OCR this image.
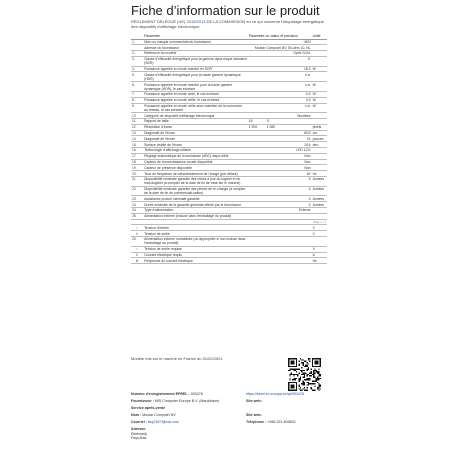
Fiche d’information sur le produit
RÈGLEMENT DÉLÉGUÉ (UE) 2019/2013 DE LA COMMISSION en ce qui concerne l’étiquetage énergétique des dispositifs d’affichage électronique
	Paramètre	Paramètre ou valeur et précision	Unité
1.	Nom ou marque commerciale du fournisseur	MSI	
	Adresse du fournisseur	Mostar Computer BV, Ek-kers 10, NL	
2.	Référence du modèle	Optix G241	
3.	Classe d’efficacité énergétique pour la gamme dyna-mique standard (SDR)	E	
4.	Puissance appelée en mode marche en SDR	18,3	W
5.	Classe d’efficacité énergétique pour la haute gamme dynamique (HDR)	n.a.	
6.	Puissance appelée en mode marche pour la haute gamme dynamique (HDR), le cas échéant	n.a.	W
7.	Puissance appelée en mode arrêt, le cas échéant	0,3	W
8.	Puissance appelée en mode veille, le cas échéant	0,3	W
9.	Puissance appelée en mode veille avec maintien de la connexion au réseau, le cas échéant	n.a.	W
10.	Catégorie de dispositif d’affichage électronique	Moniteur	
11.	Rapport de taille	16 9	
12.	Résolution d’écran	1 920 1 080	pixels
13.	Diagonale de l’écran	60,5	cm
14.	Diagonale de l’écran	24	pouces
15.	Surface visible de l’écran	15,6	dm²
16.	Technologie d’affichage utilisée	LED LCD	
17.	Réglage automatique de la luminance (ABC) dispo-nible	Non	
18.	Capteur de reconnaissance vocale disponible	Non	
19.	Capteur de présence disponible	Non	
20.	Taux de fréquence de rafraîchissement de l’image (par défaut)	60	Hz
21.	Disponibilité minimale garantie des mises à jour du logiciel et du micrologiciel (à compter de la date de fin de mise sur le marché)	6	Années
22.	Disponibilité minimale garantie des pièces de re-change (à compter de la date de fin de commerciali-sation)	6	Années
23.	Assistance produit minimale garantie	3	Années
24.	Durée minimale de la garantie générale offerte par le fournisseur	3	Années
24.	Type d’alimentation	Externe	
25.	Alimentation externe (incluse dans l’emballage du produit)		
Page 1 / 1			
i	Tension d’entrée		V
ii	Tension de sortie		V
26.	Alimentation externe normalisée (ou appropriée si non incluse dans l’emballage du produit)		
i	Tension de sortie requise		V
ii	Courant électrique requis		A
iii	Fréquence du courant électrique		Hz
Modèle mis sur le marché en France du 01/02/2021
Numéro d'enregistrement EPREL : 903476	https://eprel.ec.europa.eu/qr/903476
Fournisseur : MSI Computer Europe B.V. (Marchitane)	Site web:
Service après-vente
Nom : Mostar Computer BV	Site web:
Courriel : ttsp7627@msi.com	Téléphone : +086-921-609652
Adresse:
Ekkerstrijt
Pays-Bas
